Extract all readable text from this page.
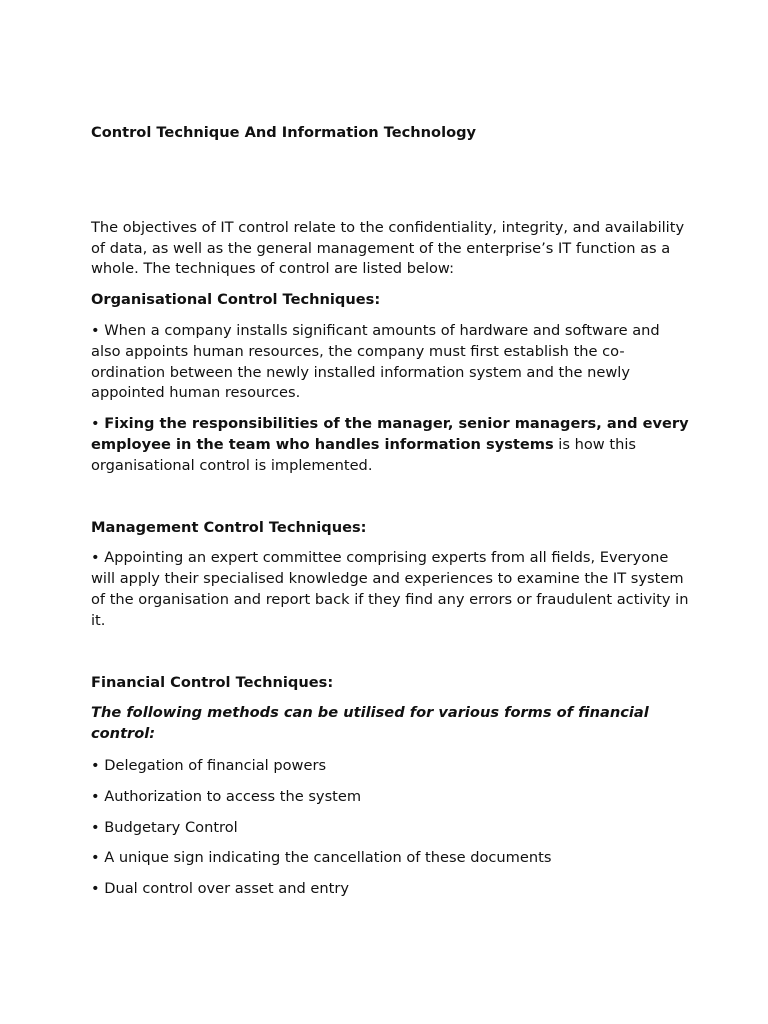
Control Technique And Information Technology

The objectives of IT control relate to the confidentiality, integrity, and availability of data, as well as the general management of the enterprise’s IT function as a whole. The techniques of control are listed below:

Organisational Control Techniques:

• When a company installs significant amounts of hardware and software and also appoints human resources, the company must first establish the co-ordination between the newly installed information system and the newly appointed human resources.

• Fixing the responsibilities of the manager, senior managers, and every employee in the team who handles information systems is how this organisational control is implemented.

Management Control Techniques:

• Appointing an expert committee comprising experts from all fields, Everyone will apply their specialised knowledge and experiences to examine the IT system of the organisation and report back if they find any errors or fraudulent activity in it.

Financial Control Techniques:

The following methods can be utilised for various forms of financial control:

• Delegation of financial powers

• Authorization to access the system

• Budgetary Control

• A unique sign indicating the cancellation of these documents

• Dual control over asset and entry
